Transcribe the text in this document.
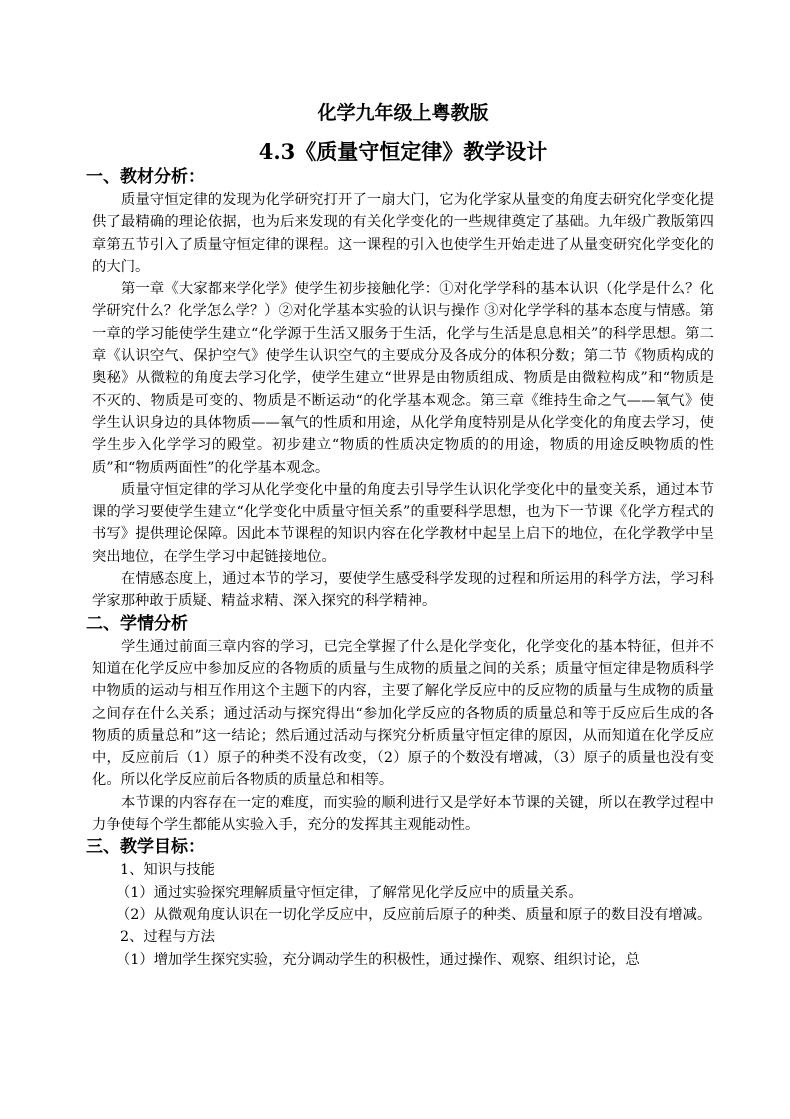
化学九年级上粤教版

4.3《质量守恒定律》教学设计

一、教材分析：

质量守恒定律的发现为化学研究打开了一扇大门，它为化学家从量变的角度去研究化学变化提供了最精确的理论依据，也为后来发现的有关化学变化的一些规律奠定了基础。九年级广教版第四章第五节引入了质量守恒定律的课程。这一课程的引入也使学生开始走进了从量变研究化学变化的的大门。

第一章《大家都来学化学》使学生初步接触化学：①对化学学科的基本认识（化学是什么？化学研究什么？化学怎么学？）②对化学基本实验的认识与操作 ③对化学学科的基本态度与情感。第一章的学习能使学生建立“化学源于生活又服务于生活，化学与生活是息息相关”的科学思想。第二章《认识空气、保护空气》使学生认识空气的主要成分及各成分的体积分数；第二节《物质构成的奥秘》从微粒的角度去学习化学，使学生建立“世界是由物质组成、物质是由微粒构成”和“物质是不灭的、物质是可变的、物质是不断运动“的化学基本观念。第三章《维持生命之气——氧气》使学生认识身边的具体物质——氧气的性质和用途，从化学角度特别是从化学变化的角度去学习，使学生步入化学学习的殿堂。初步建立“物质的性质决定物质的的用途，物质的用途反映物质的性质”和“物质两面性”的化学基本观念。

质量守恒定律的学习从化学变化中量的角度去引导学生认识化学变化中的量变关系，通过本节课的学习要使学生建立“化学变化中质量守恒关系”的重要科学思想，也为下一节课《化学方程式的书写》提供理论保障。因此本节课程的知识内容在化学教材中起呈上启下的地位，在化学教学中呈突出地位，在学生学习中起链接地位。

在情感态度上，通过本节的学习，要使学生感受科学发现的过程和所运用的科学方法，学习科学家那种敢于质疑、精益求精、深入探究的科学精神。

二、学情分析

学生通过前面三章内容的学习，已完全掌握了什么是化学变化，化学变化的基本特征，但并不知道在化学反应中参加反应的各物质的质量与生成物的质量之间的关系；质量守恒定律是物质科学中物质的运动与相互作用这个主题下的内容，主要了解化学反应中的反应物的质量与生成物的质量之间存在什么关系；通过活动与探究得出“参加化学反应的各物质的质量总和等于反应后生成的各物质的质量总和”这一结论；然后通过活动与探究分析质量守恒定律的原因，从而知道在化学反应中，反应前后（1）原子的种类不没有改变，（2）原子的个数没有增减，（3）原子的质量也没有变化。所以化学反应前后各物质的质量总和相等。

本节课的内容存在一定的难度，而实验的顺利进行又是学好本节课的关键，所以在教学过程中力争使每个学生都能从实验入手，充分的发挥其主观能动性。

三、教学目标：

1、知识与技能

（1）通过实验探究理解质量守恒定律，了解常见化学反应中的质量关系。

（2）从微观角度认识在一切化学反应中，反应前后原子的种类、质量和原子的数目没有增减。

2、过程与方法

（1）增加学生探究实验，充分调动学生的积极性，通过操作、观察、组织讨论，总
